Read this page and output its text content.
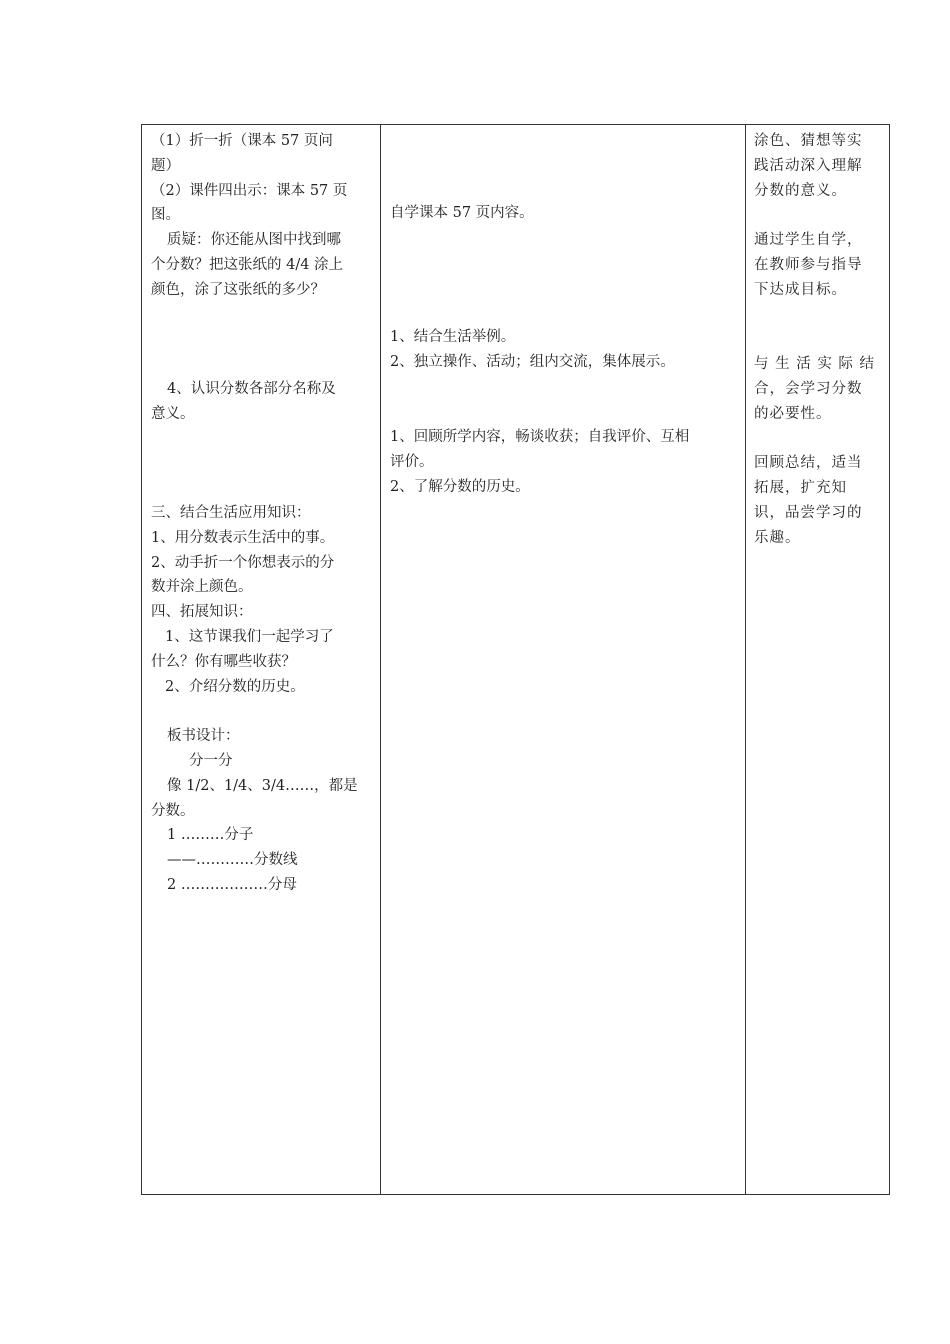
（1）折一折（课本 57 页问
题）
（2）课件四出示：课本 57 页
图。
质疑：你还能从图中找到哪
个分数？把这张纸的 4/4 涂上
颜色，涂了这张纸的多少？
4、认识分数各部分名称及
意义。
三、结合生活应用知识：
1、用分数表示生活中的事。
2、动手折一个你想表示的分
数并涂上颜色。
四、拓展知识：
1、这节课我们一起学习了
什么？你有哪些收获？
2、介绍分数的历史。
板书设计：
分一分
像 1/2、1/4、3/4……，都是
分数。
1 ………分子
——…………分数线
2 ………………分母
自学课本 57 页内容。
1、结合生活举例。
2、独立操作、活动；组内交流，集体展示。
1、回顾所学内容，畅谈收获；自我评价、互相
评价。
2、了解分数的历史。
涂色、猜想等实
践活动深入理解
分数的意义。
通过学生自学，
在教师参与指导
下达成目标。
与 生 活 实 际 结
合，会学习分数
的必要性。
回顾总结，适当
拓展，扩充知
识，品尝学习的
乐趣。
